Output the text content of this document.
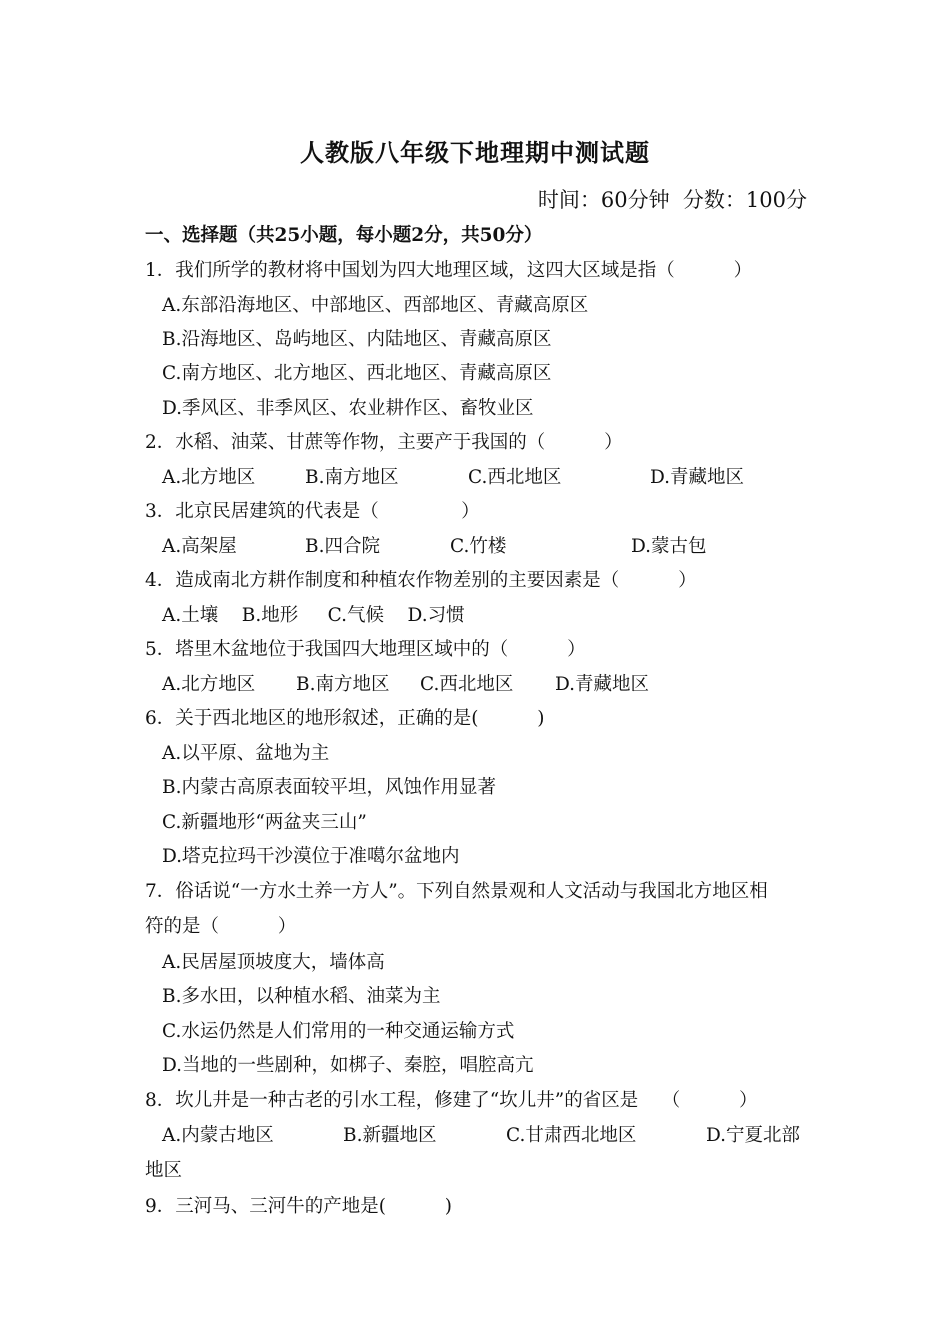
人教版八年级下地理期中测试题
时间：60分钟  分数：100分
一、选择题（共25小题，每小题2分，共50分）
1．我们所学的教材将中国划为四大地理区域，这四大区域是指（          ）
A.东部沿海地区、中部地区、西部地区、青藏高原区
B.沿海地区、岛屿地区、内陆地区、青藏高原区
C.南方地区、北方地区、西北地区、青藏高原区
D.季风区、非季风区、农业耕作区、畜牧业区
2．水稻、油菜、甘蔗等作物，主要产于我国的（          ）
A.北方地区	B.南方地区	C.西北地区	D.青藏地区
3．北京民居建筑的代表是（              ）
A.高架屋	B.四合院	C.竹楼	D.蒙古包
4．造成南北方耕作制度和种植农作物差别的主要因素是（          ）
A.土壤    B.地形     C.气候    D.习惯
5．塔里木盆地位于我国四大地理区域中的（          ）
A.北方地区 B.南方地区 C.西北地区 D.青藏地区
6．关于西北地区的地形叙述，正确的是(          )
A.以平原、盆地为主
B.内蒙古高原表面较平坦，风蚀作用显著
C.新疆地形“两盆夹三山”
D.塔克拉玛干沙漠位于准噶尔盆地内
7．俗话说“一方水土养一方人”。下列自然景观和人文活动与我国北方地区相
符的是（          ）
A.民居屋顶坡度大，墙体高
B.多水田，以种植水稻、油菜为主
C.水运仍然是人们常用的一种交通运输方式
D.当地的一些剧种，如梆子、秦腔，唱腔高亢
8．坎儿井是一种古老的引水工程，修建了“坎儿井”的省区是    （          ）
A.内蒙古地区	B.新疆地区	C.甘肃西北地区	D.宁夏北部
地区
9．三河马、三河牛的产地是(          )
